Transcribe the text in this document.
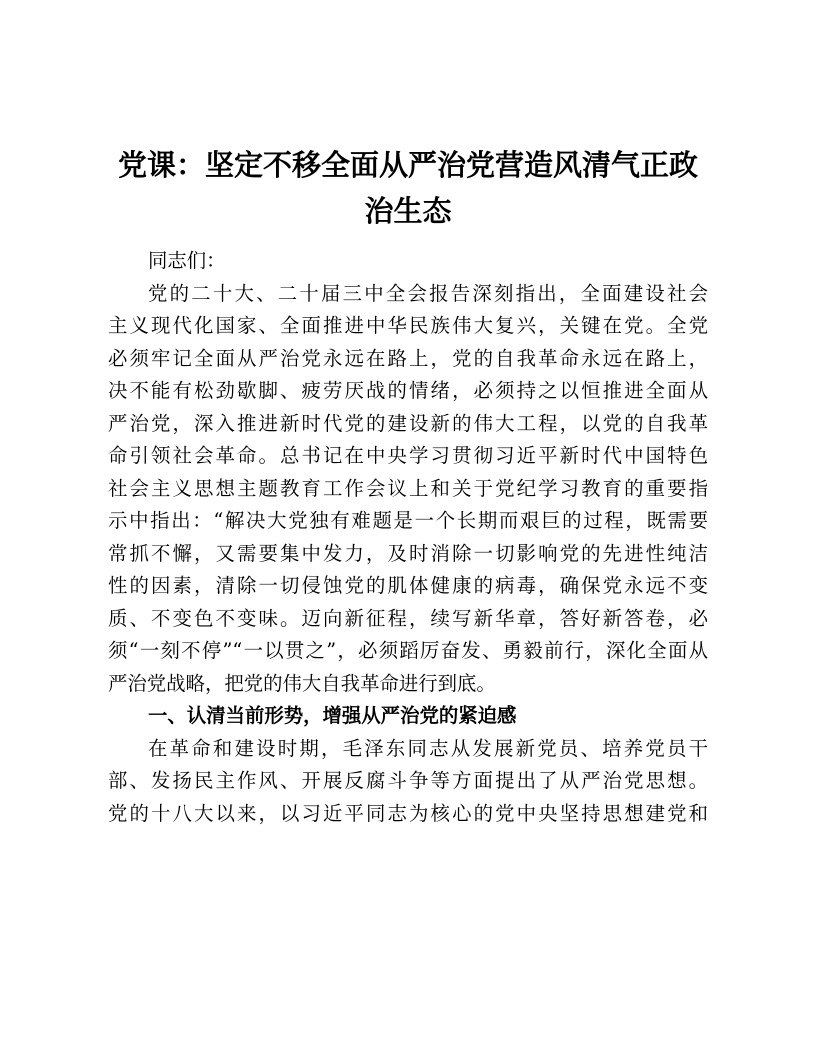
党课：坚定不移全面从严治党营造风清气正政
治生态
同志们：
党的二十大、二十届三中全会报告深刻指出，全面建设社会
主义现代化国家、全面推进中华民族伟大复兴，关键在党。全党
必须牢记全面从严治党永远在路上，党的自我革命永远在路上，
决不能有松劲歇脚、疲劳厌战的情绪，必须持之以恒推进全面从
严治党，深入推进新时代党的建设新的伟大工程，以党的自我革
命引领社会革命。总书记在中央学习贯彻习近平新时代中国特色
社会主义思想主题教育工作会议上和关于党纪学习教育的重要指
示中指出：“解决大党独有难题是一个长期而艰巨的过程，既需要
常抓不懈，又需要集中发力，及时消除一切影响党的先进性纯洁
性的因素，清除一切侵蚀党的肌体健康的病毒，确保党永远不变
质、不变色不变味。迈向新征程，续写新华章，答好新答卷，必
须“一刻不停”“一以贯之”，必须蹈厉奋发、勇毅前行，深化全面从
严治党战略，把党的伟大自我革命进行到底。
一、认清当前形势，增强从严治党的紧迫感
在革命和建设时期，毛泽东同志从发展新党员、培养党员干
部、发扬民主作风、开展反腐斗争等方面提出了从严治党思想。
党的十八大以来，以习近平同志为核心的党中央坚持思想建党和
